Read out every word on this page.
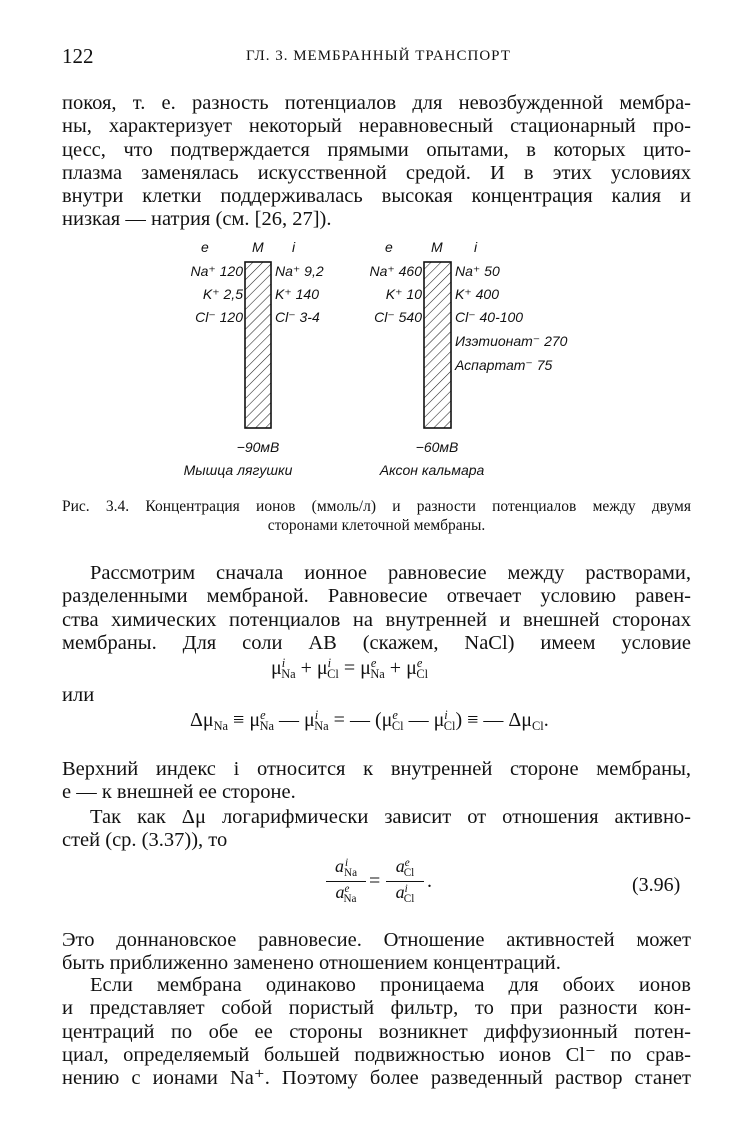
122	ГЛ. 3. МЕМБРАННЫЙ ТРАНСПОРТ

покоя, т. е. разность потенциалов для невозбужденной мембра-
ны, характеризует некоторый неравновесный стационарный про-
цесс, что подтверждается прямыми опытами, в которых цито-
плазма заменялась искусственной средой. И в этих условиях
внутри клетки поддерживалась высокая концентрация калия и
низкая — натрия (см. [26, 27]).

e	M i
Na⁺ 120
K⁺ 2,5
Cl⁻ 120
Na⁺ 9,2
K⁺ 140
Cl⁻ 3-4
−90мВ
Мышца лягушки
e	M i
Na⁺ 460
K⁺ 10
Cl⁻ 540
Na⁺ 50
K⁺ 400
Cl⁻ 40-100
Изэтионат⁻ 270
Аспартат⁻ 75
−60мВ
Аксон кальмара
Рис. 3.4. Концентрация ионов (ммоль/л) и разности потенциалов между двумя
сторонами клеточной мембраны.

Рассмотрим сначала ионное равновесие между растворами,
разделенными мембраной. Равновесие отвечает условию равен-
ства химических потенциалов на внутренней и внешней сторонах
мембраны. Для соли AB (скажем, NaCl) имеем условие

$\mu^i_{Na} + \mu^i_{Cl} = \mu^e_{Na} + \mu^e_{Cl}$
или
$\Delta\mu_{Na} \equiv \mu^e_{Na}$ — $\mu^i_{Na}$ = — ($\mu^e_{Cl}$ — $\mu^i_{Cl}$) ≡ — $\Delta\mu_{Cl}$.

Верхний индекс i относится к внутренней стороне мембраны,
e — к внешней ее стороне.

Так как Δμ логарифмически зависит от отношения активно-
стей (ср. (3.37)), то

$a^i_{Na}$
$a^e_{Na}$
=
$a^e_{Cl}$
$a^i_{Cl}$
.	(3.96)

Это доннановское равновесие. Отношение активностей может
быть приближенно заменено отношением концентраций.

Если мембрана одинаково проницаема для обоих ионов
и представляет собой пористый фильтр, то при разности кон-
центраций по обе ее стороны возникнет диффузионный потен-
циал, определяемый большей подвижностью ионов Cl⁻ по срав-
нению с ионами Na⁺. Поэтому более разведенный раствор станет
